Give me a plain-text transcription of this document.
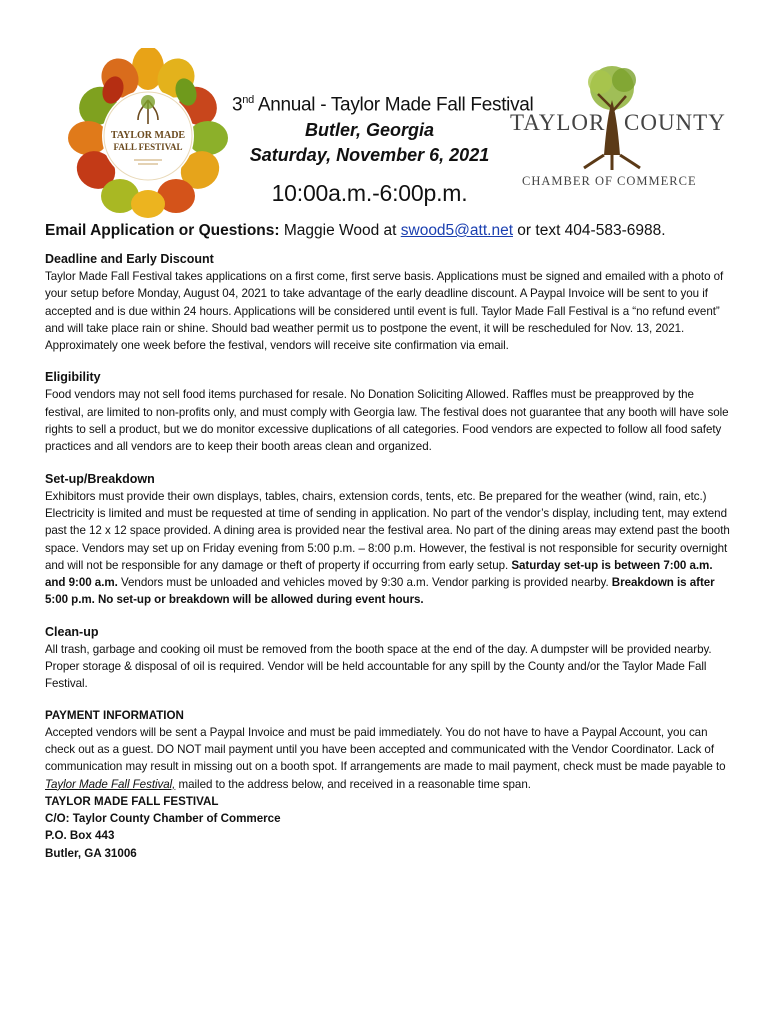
TAYLOR MADE
FALL FESTIVAL
3nd Annual - Taylor Made Fall Festival
Butler, Georgia
Saturday, November 6, 2021
10:00a.m.-6:00p.m.
TAYLOR COUNTY
CHAMBER OF COMMERCE
Email Application or Questions: Maggie Wood at swood5@att.net or text 404-583-6988.
Deadline and Early Discount
Taylor Made Fall Festival takes applications on a first come, first serve basis. Applications must be signed and emailed with a photo of your setup before Monday, August 04, 2021 to take advantage of the early deadline discount. A Paypal Invoice will be sent to you if accepted and is due within 24 hours. Applications will be considered until event is full. Taylor Made Fall Festival is a “no refund event” and will take place rain or shine. Should bad weather permit us to postpone the event, it will be rescheduled for Nov. 13, 2021. Approximately one week before the festival, vendors will receive site confirmation via email.
Eligibility
Food vendors may not sell food items purchased for resale. No Donation Soliciting Allowed. Raffles must be preapproved by the festival, are limited to non-profits only, and must comply with Georgia law. The festival does not guarantee that any booth will have sole rights to sell a product, but we do monitor excessive duplications of all categories. Food vendors are expected to follow all food safety practices and all vendors are to keep their booth areas clean and organized.
Set-up/Breakdown
Exhibitors must provide their own displays, tables, chairs, extension cords, tents, etc. Be prepared for the weather (wind, rain, etc.) Electricity is limited and must be requested at time of sending in application. No part of the vendor’s display, including tent, may extend past the 12 x 12 space provided. A dining area is provided near the festival area. No part of the dining areas may extend past the booth space. Vendors may set up on Friday evening from 5:00 p.m. – 8:00 p.m. However, the festival is not responsible for security overnight and will not be responsible for any damage or theft of property if occurring from early setup. Saturday set-up is between 7:00 a.m. and 9:00 a.m. Vendors must be unloaded and vehicles moved by 9:30 a.m. Vendor parking is provided nearby. Breakdown is after 5:00 p.m. No set-up or breakdown will be allowed during event hours.
Clean-up
All trash, garbage and cooking oil must be removed from the booth space at the end of the day. A dumpster will be provided nearby. Proper storage & disposal of oil is required. Vendor will be held accountable for any spill by the County and/or the Taylor Made Fall Festival.
PAYMENT INFORMATION
Accepted vendors will be sent a Paypal Invoice and must be paid immediately. You do not have to have a Paypal Account, you can check out as a guest. DO NOT mail payment until you have been accepted and communicated with the Vendor Coordinator. Lack of communication may result in missing out on a booth spot. If arrangements are made to mail payment, check must be made payable to Taylor Made Fall Festival, mailed to the address below, and received in a reasonable time span.
TAYLOR MADE FALL FESTIVAL
C/O: Taylor County Chamber of Commerce
P.O. Box 443
Butler, GA 31006
